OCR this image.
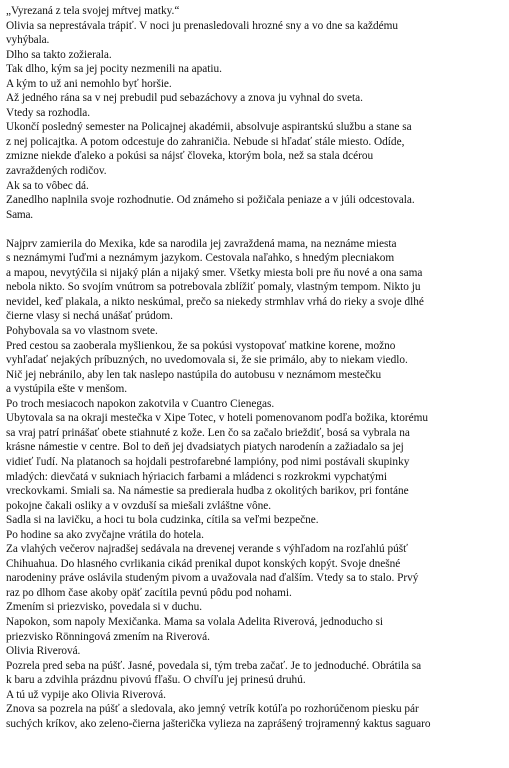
„Vyrezaná z tela svojej mŕtvej matky.“
Olivia sa neprestávala trápiť. V noci ju prenasledovali hrozné sny a vo dne sa každému
vyhýbala.
Dlho sa takto zožierala.
Tak dlho, kým sa jej pocity nezmenili na apatiu.
A kým to už ani nemohlo byť horšie.
Až jedného rána sa v nej prebudil pud sebazáchovy a znova ju vyhnal do sveta.
Vtedy sa rozhodla.
Ukončí posledný semester na Policajnej akadémii, absolvuje aspirantskú službu a stane sa
z nej policajtka. A potom odcestuje do zahraničia. Nebude si hľadať stále miesto. Odíde,
zmizne niekde ďaleko a pokúsi sa nájsť človeka, ktorým bola, než sa stala dcérou
zavraždených rodičov.
Ak sa to vôbec dá.
Zanedlho naplnila svoje rozhodnutie. Od známeho si požičala peniaze a v júli odcestovala.
Sama.
Najprv zamierila do Mexika, kde sa narodila jej zavraždená mama, na neznáme miesta
s neznámymi ľuďmi a neznámym jazykom. Cestovala naľahko, s hnedým plecniakom
a mapou, nevytýčila si nijaký plán a nijaký smer. Všetky miesta boli pre ňu nové a ona sama
nebola nikto. So svojím vnútrom sa potrebovala zblížiť pomaly, vlastným tempom. Nikto ju
nevidel, keď plakala, a nikto neskúmal, prečo sa niekedy strmhlav vrhá do rieky a svoje dlhé
čierne vlasy si nechá unášať prúdom.
Pohybovala sa vo vlastnom svete.
Pred cestou sa zaoberala myšlienkou, že sa pokúsi vystopovať matkine korene, možno
vyhľadať nejakých príbuzných, no uvedomovala si, že sie primálo, aby to niekam viedlo.
Nič jej nebránilo, aby len tak naslepo nastúpila do autobusu v neznámom mestečku
a vystúpila ešte v menšom.
Po troch mesiacoch napokon zakotvila v Cuantro Cienegas.
Ubytovala sa na okraji mestečka v Xipe Totec, v hoteli pomenovanom podľa božika, ktorému
sa vraj patrí prinášať obete stiahnuté z kože. Len čo sa začalo brieždiť, bosá sa vybrala na
krásne námestie v centre. Bol to deň jej dvadsiatych piatych narodenín a zažiadalo sa jej
vidieť ľudí. Na platanoch sa hojdali pestrofarebné lampióny, pod nimi postávali skupinky
mladých: dievčatá v sukniach hýriacich farbami a mládenci s rozkrokmi vypchatými
vreckovkami. Smiali sa. Na námestie sa predierala hudba z okolitých barikov, pri fontáne
pokojne čakali osliky a v ovzduší sa miešali zvláštne vône.
Sadla si na lavičku, a hoci tu bola cudzinka, cítila sa veľmi bezpečne.
Po hodine sa ako zvyčajne vrátila do hotela.
Za vlahých večerov najradšej sedávala na drevenej verande s výhľadom na rozľahlú púšť
Chihuahua. Do hlasného cvrlikania cikád prenikal dupot konských kopýt. Svoje dnešné
narodeniny práve oslávila studeným pivom a uvažovala nad ďalším. Vtedy sa to stalo. Prvý
raz po dlhom čase akoby opäť zacítila pevnú pôdu pod nohami.
Zmením si priezvisko, povedala si v duchu.
Napokon, som napoly Mexičanka. Mama sa volala Adelita Riverová, jednoducho si
priezvisko Rönningová zmením na Riverová.
Olivia Riverová.
Pozrela pred seba na púšť. Jasné, povedala si, tým treba začať. Je to jednoduché. Obrátila sa
k baru a zdvihla prázdnu pivovú fľašu. O chvíľu jej prinesú druhú.
A tú už vypije ako Olivia Riverová.
Znova sa pozrela na púšť a sledovala, ako jemný vetrík kotúľa po rozhorúčenom piesku pár
suchých kríkov, ako zeleno-čierna jašterička vylieza na zaprášený trojramenný kaktus saguaro
